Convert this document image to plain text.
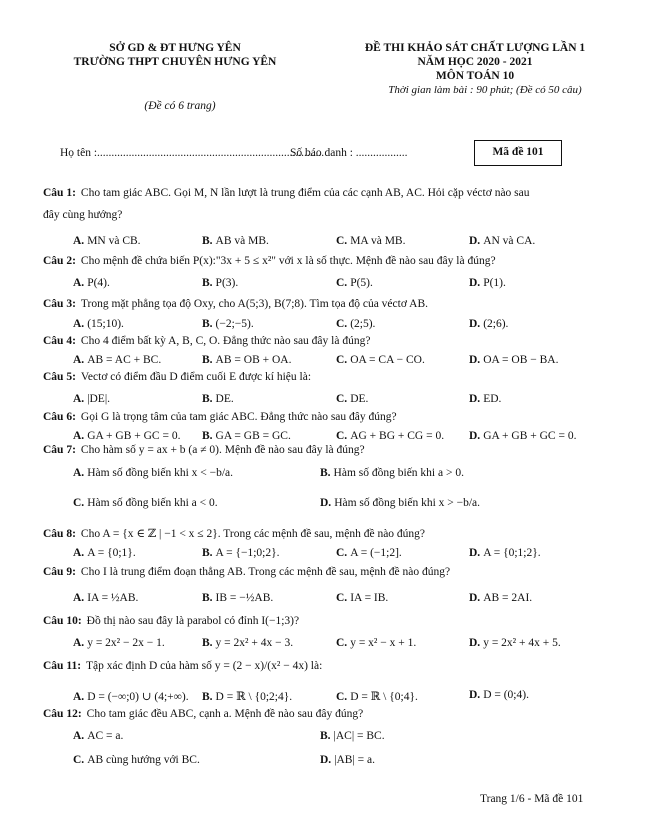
SỞ GD & ĐT HƯNG YÊN
TRƯỜNG THPT CHUYÊN HƯNG YÊN
(Đề có 6 trang)
ĐỀ THI KHẢO SÁT CHẤT LƯỢNG LẦN 1
NĂM HỌC 2020 - 2021
MÔN TOÁN 10
Thời gian làm bài : 90 phút; (Đề có 50 câu)
Họ tên :...............................................................................
Số báo danh : ..................	Mã đề 101
Câu 1: Cho tam giác ABC. Gọi M, N lần lượt là trung điểm của các cạnh AB, AC. Hỏi cặp véctơ nào sau
đây cùng hướng?
A. MN và CB.	B. AB và MB.	C. MA và MB.	D. AN và CA.
Câu 2: Cho mệnh đề chứa biến P(x):"3x + 5 ≤ x²" với x là số thực. Mệnh đề nào sau đây là đúng?
A. P(4).	B. P(3).	C. P(5).	D. P(1).
Câu 3: Trong mặt phẳng tọa độ Oxy, cho A(5;3), B(7;8). Tìm tọa độ của véctơ AB.
A. (15;10).	B. (−2;−5).	C. (2;5).	D. (2;6).
Câu 4: Cho 4 điểm bất kỳ A, B, C, O. Đẳng thức nào sau đây là đúng?
A. AB = AC + BC.	B. AB = OB + OA.	C. OA = CA − CO.	D. OA = OB − BA.
Câu 5: Vectơ có điểm đầu D điểm cuối E được kí hiệu là:
A. |DE|.	B. DE.	C. DE.	D. ED.
Câu 6: Gọi G là trọng tâm của tam giác ABC. Đẳng thức nào sau đây đúng?
A. GA + GB + GC = 0. B. GA = GB = GC.	C. AG + BG + CG = 0. D. GA + GB + GC = 0.
Câu 7: Cho hàm số y = ax + b (a ≠ 0). Mệnh đề nào sau đây là đúng?
A. Hàm số đồng biến khi x < −b/a.	B. Hàm số đồng biến khi a > 0.
C. Hàm số đồng biến khi a < 0.	D. Hàm số đồng biến khi x > −b/a.
Câu 8: Cho A = {x ∈ ℤ | −1 < x ≤ 2}. Trong các mệnh đề sau, mệnh đề nào đúng?
A. A = {0;1}.	B. A = {−1;0;2}.	C. A = (−1;2].	D. A = {0;1;2}.
Câu 9: Cho I là trung điểm đoạn thẳng AB. Trong các mệnh đề sau, mệnh đề nào đúng?
A. IA = ½AB.	B. IB = −½AB.	C. IA = IB.	D. AB = 2AI.
Câu 10: Đồ thị nào sau đây là parabol có đỉnh I(−1;3)?
A. y = 2x² − 2x − 1.	B. y = 2x² + 4x − 3.	C. y = x² − x + 1.	D. y = 2x² + 4x + 5.
Câu 11: Tập xác định D của hàm số y = (2 − x)/(x² − 4x) là:
A. D = (−∞;0) ∪ (4;+∞). B. D = ℝ \ {0;2;4}.	C. D = ℝ \ {0;4}.	D. D = (0;4).
Câu 12: Cho tam giác đều ABC, cạnh a. Mệnh đề nào sau đây đúng?
A. AC = a.	B. |AC| = BC.
C. AB cùng hướng với BC.	D. |AB| = a.
Trang 1/6 - Mã đề 101
